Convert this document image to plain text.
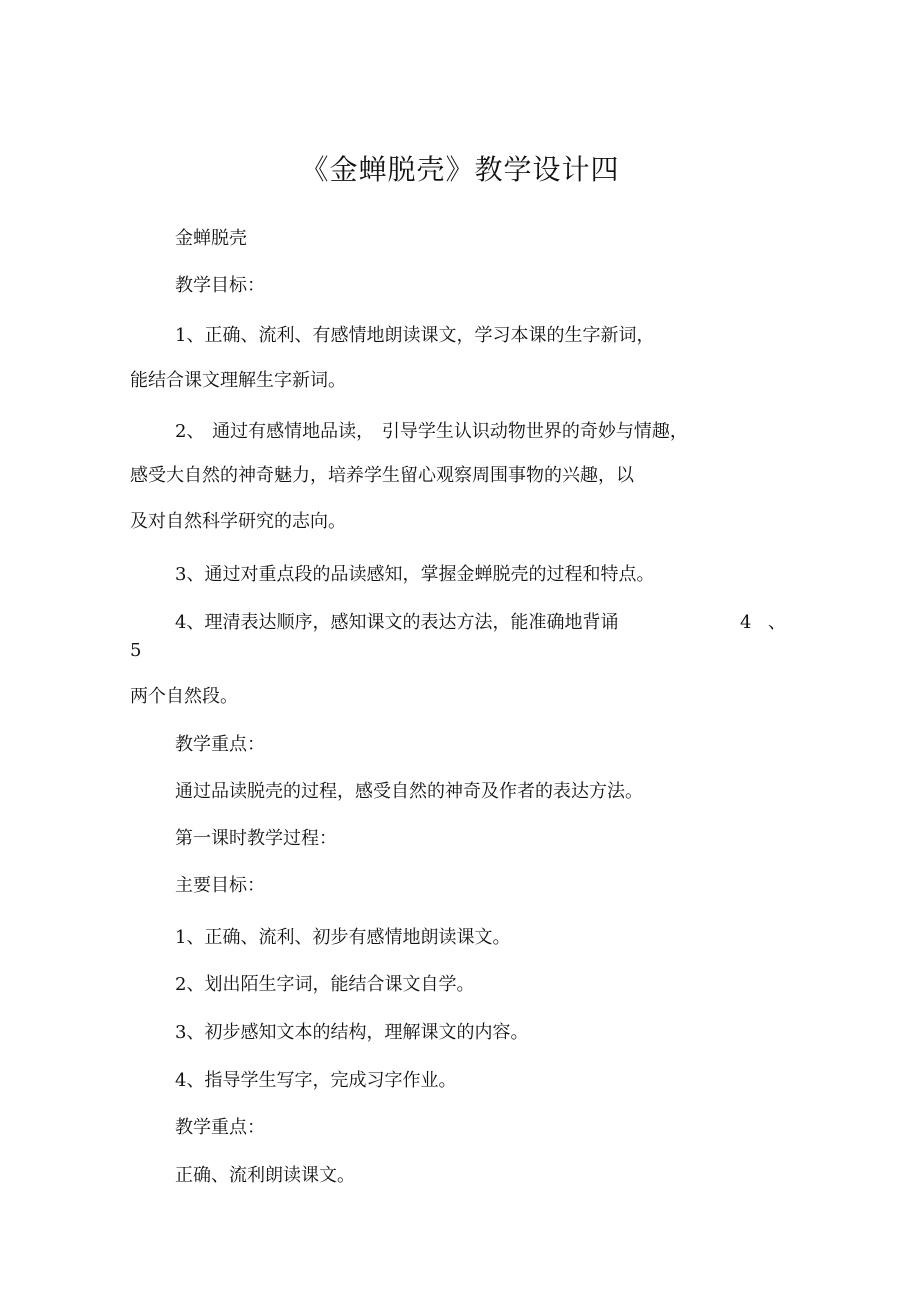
《金蝉脱壳》教学设计四
金蝉脱壳
教学目标：
1、正确、流利、有感情地朗读课文，学习本课的生字新词，
能结合课文理解生字新词。
2、 通过有感情地品读， 引导学生认识动物世界的奇妙与情趣，
感受大自然的神奇魅力，培养学生留心观察周围事物的兴趣，以
及对自然科学研究的志向。
3、通过对重点段的品读感知，掌握金蝉脱壳的过程和特点。
4、理清表达顺序，感知课文的表达方法，能准确地背诵	4 、
5
两个自然段。
教学重点：
通过品读脱壳的过程，感受自然的神奇及作者的表达方法。
第一课时教学过程：
主要目标：
1、正确、流利、初步有感情地朗读课文。
2、划出陌生字词，能结合课文自学。
3、初步感知文本的结构，理解课文的内容。
4、指导学生写字，完成习字作业。
教学重点：
正确、流利朗读课文。
